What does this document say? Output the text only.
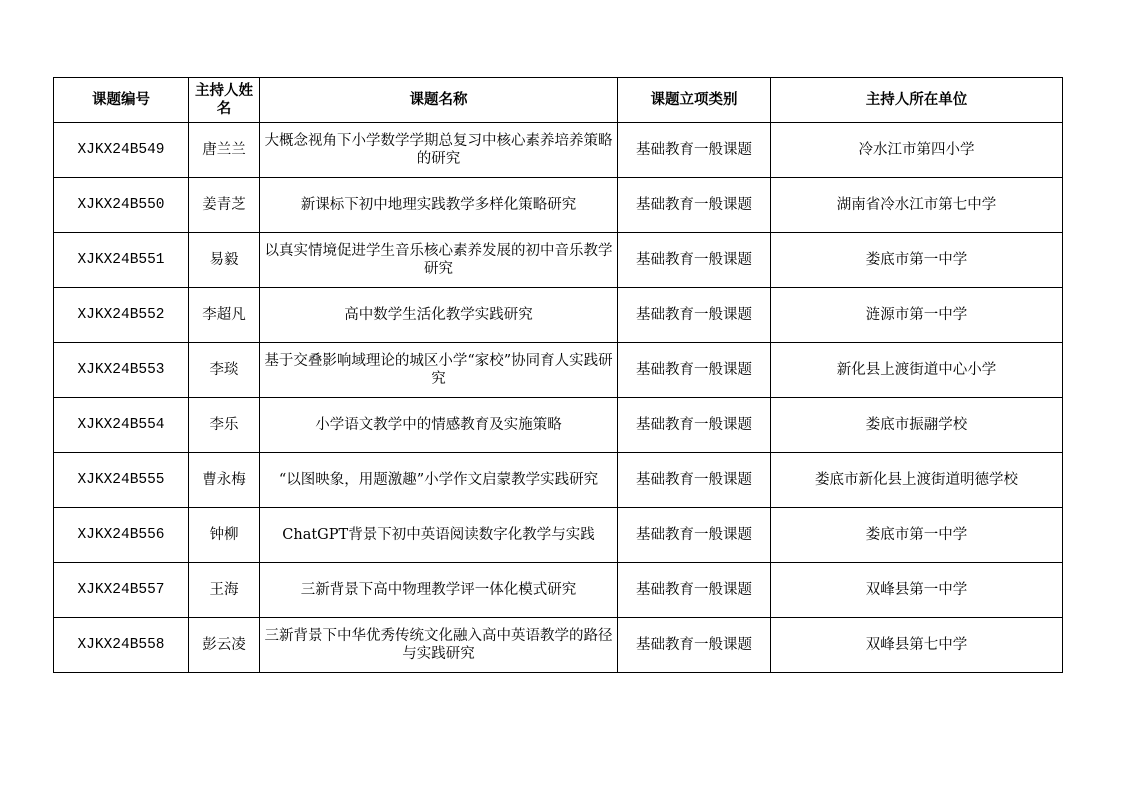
课题编号	主持人姓名	课题名称	课题立项类别	主持人所在单位
XJKX24B549	唐兰兰	大概念视角下小学数学学期总复习中核心素养培养策略的研究	基础教育一般课题	冷水江市第四小学
XJKX24B550	姜青芝	新课标下初中地理实践教学多样化策略研究	基础教育一般课题	湖南省冷水江市第七中学
XJKX24B551	易毅	以真实情境促进学生音乐核心素养发展的初中音乐教学研究	基础教育一般课题	娄底市第一中学
XJKX24B552	李超凡	高中数学生活化教学实践研究	基础教育一般课题	涟源市第一中学
XJKX24B553	李琰	基于交叠影响域理论的城区小学“家校”协同育人实践研究	基础教育一般课题	新化县上渡街道中心小学
XJKX24B554	李乐	小学语文教学中的情感教育及实施策略	基础教育一般课题	娄底市振翮学校
XJKX24B555	曹永梅	“以图映象，用题激趣”小学作文启蒙教学实践研究	基础教育一般课题	娄底市新化县上渡街道明德学校
XJKX24B556	钟柳	ChatGPT背景下初中英语阅读数字化教学与实践	基础教育一般课题	娄底市第一中学
XJKX24B557	王海	三新背景下高中物理教学评一体化模式研究	基础教育一般课题	双峰县第一中学
XJKX24B558	彭云凌	三新背景下中华优秀传统文化融入高中英语教学的路径与实践研究	基础教育一般课题	双峰县第七中学
